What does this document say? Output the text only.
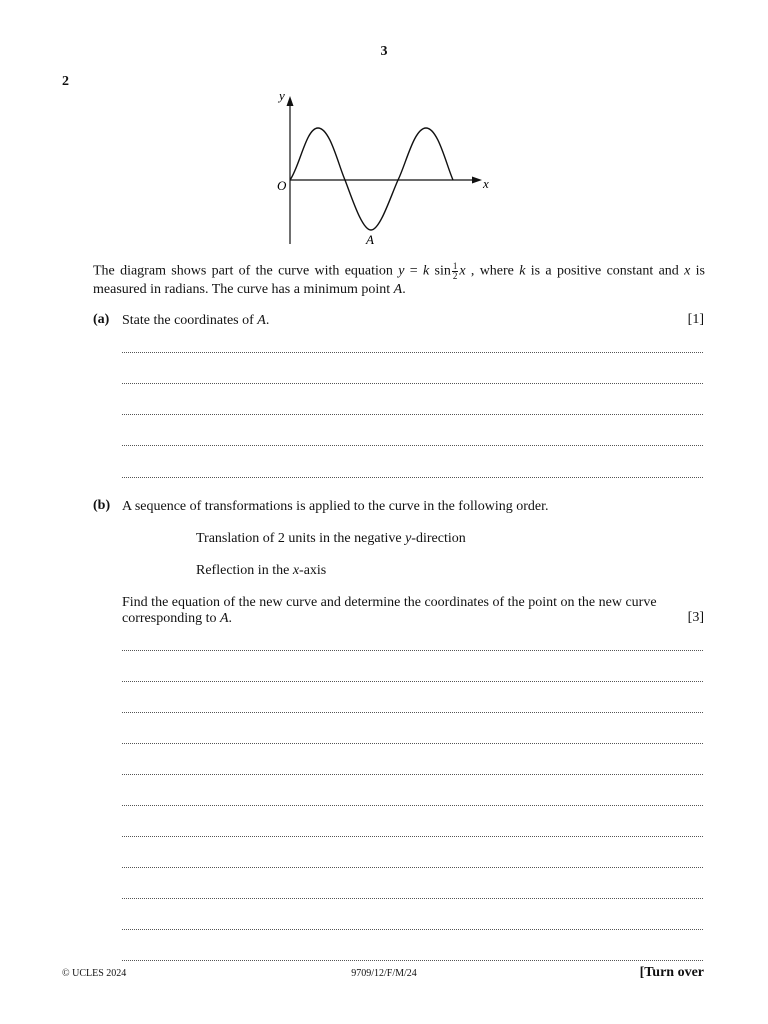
3
2
y
x
O
A
The diagram shows part of the curve with equation y = k $\sin \frac{1}{2}$ x , where k is a positive constant and x is measured in radians. The curve has a minimum point A.
(a) State the coordinates of A.	[1]
(b) A sequence of transformations is applied to the curve in the following order.
Translation of 2 units in the negative y-direction
Reflection in the x-axis
Find the equation of the new curve and determine the coordinates of the point on the new curve
corresponding to A.	[3]
© UCLES 2024	9709/12/F/M/24	[Turn over
